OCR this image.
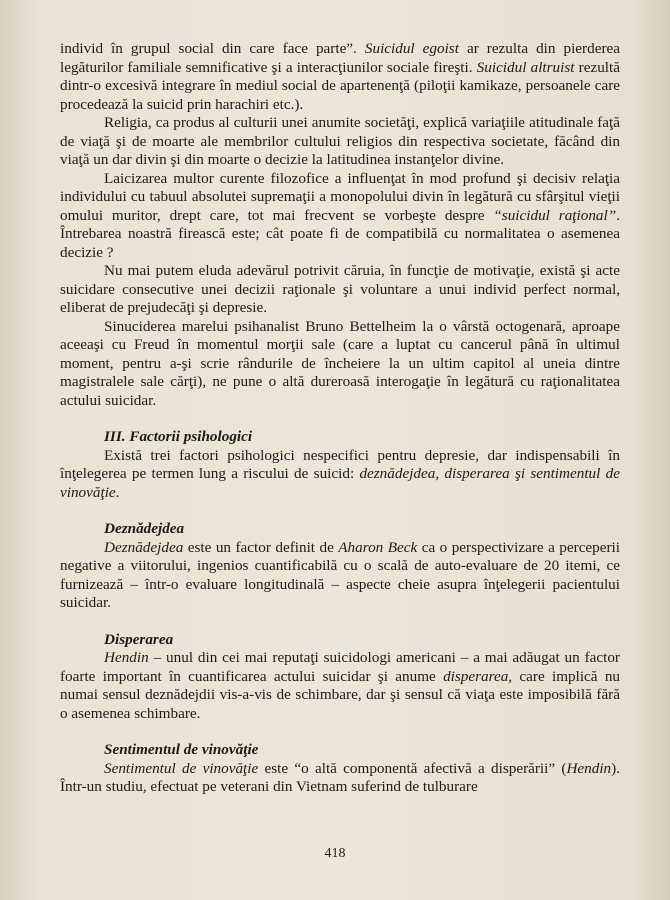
individ în grupul social din care face parte”. Suicidul egoist ar rezulta din pierderea legăturilor familiale semnificative şi a interacţiunilor sociale fireşti. Suicidul altruist rezultă dintr-o excesivă integrare în mediul social de apartenenţă (piloţii kamikaze, persoanele care procedează la suicid prin harachiri etc.).

Religia, ca produs al culturii unei anumite societăţi, explică variaţiile atitudinale faţă de viaţă şi de moarte ale membrilor cultului religios din respectiva societate, făcând din viaţă un dar divin şi din moarte o decizie la latitudinea instanţelor divine.

Laicizarea multor curente filozofice a influenţat în mod profund şi decisiv relaţia individului cu tabuul absolutei supremaţii a monopolului divin în legătură cu sfârşitul vieţii omului muritor, drept care, tot mai frecvent se vorbeşte despre “suicidul raţional”. Întrebarea noastră firească este; cât poate fi de compatibilă cu normalitatea o asemenea decizie ?

Nu mai putem eluda adevărul potrivit căruia, în funcţie de motivaţie, există şi acte suicidare consecutive unei decizii raţionale şi voluntare a unui individ perfect normal, eliberat de prejudecăţi şi depresie.

Sinuciderea marelui psihanalist Bruno Bettelheim la o vârstă octogenară, aproape aceeaşi cu Freud în momentul morţii sale (care a luptat cu cancerul până în ultimul moment, pentru a-şi scrie rândurile de încheiere la un ultim capitol al uneia dintre magistralele sale cărţi), ne pune o altă dureroasă interogaţie în legătură cu raţionalitatea actului suicidar.

III. Factorii psihologici

Există trei factori psihologici nespecifici pentru depresie, dar indispensabili în înţelegerea pe termen lung a riscului de suicid: deznădejdea, disperarea şi sentimentul de vinovăţie.

Deznădejdea

Deznădejdea este un factor definit de Aharon Beck ca o perspectivizare a perceperii negative a viitorului, ingenios cuantificabilă cu o scală de auto-evaluare de 20 itemi, ce furnizează – într-o evaluare longitudinală – aspecte cheie asupra înţelegerii pacientului suicidar.

Disperarea

Hendin – unul din cei mai reputaţi suicidologi americani – a mai adăugat un factor foarte important în cuantificarea actului suicidar şi anume disperarea, care implică nu numai sensul deznădejdii vis-a-vis de schimbare, dar şi sensul că viaţa este imposibilă fără o asemenea schimbare.

Sentimentul de vinovăţie

Sentimentul de vinovăţie este “o altă componentă afectivă a disperării” (Hendin). Într-un studiu, efectuat pe veterani din Vietnam suferind de tulburare

418
